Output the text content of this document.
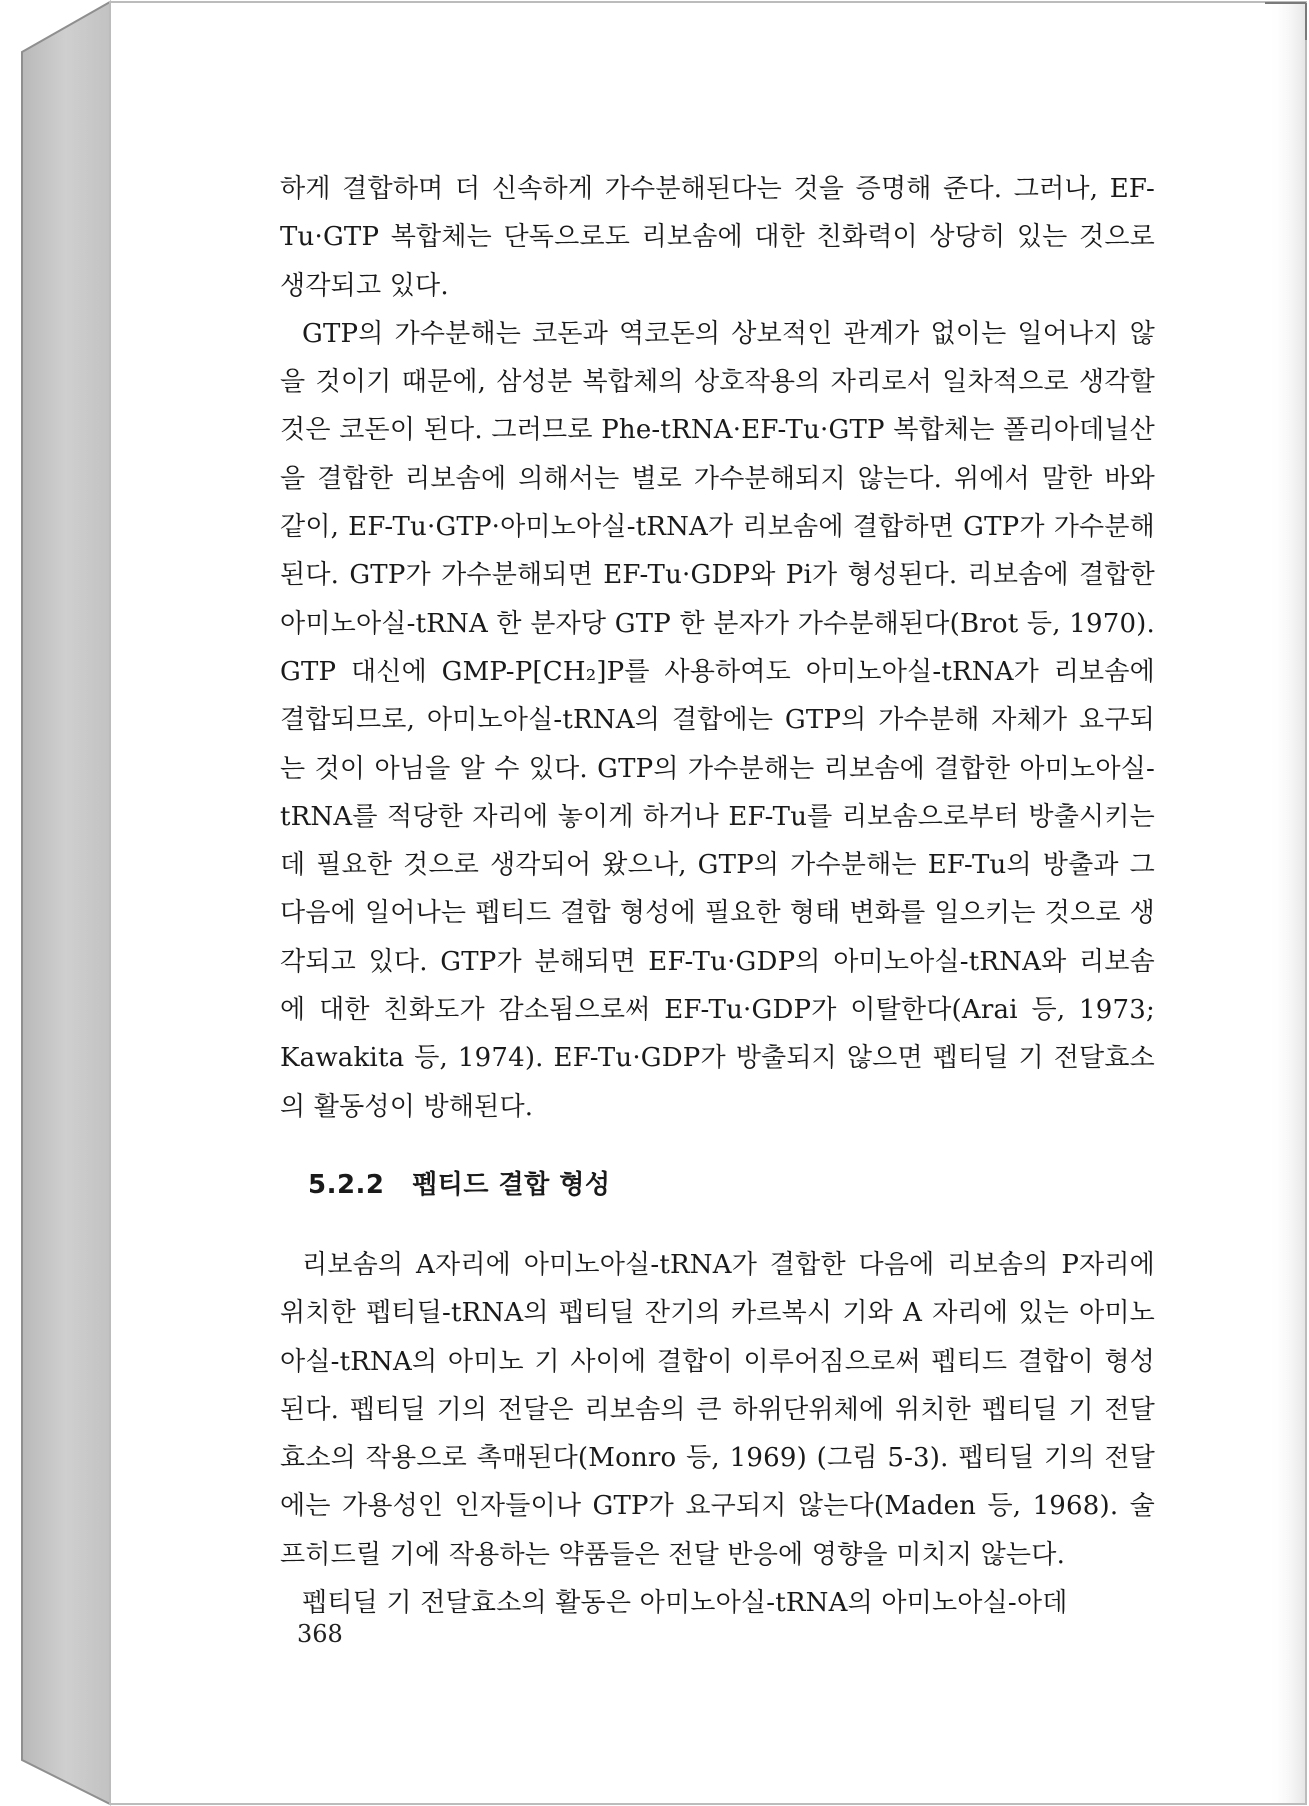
하게 결합하며 더 신속하게 가수분해된다는 것을 증명해 준다. 그러나, EF-Tu·GTP 복합체는 단독으로도 리보솜에 대한 친화력이 상당히 있는 것으로 생각되고 있다.

GTP의 가수분해는 코돈과 역코돈의 상보적인 관계가 없이는 일어나지 않을 것이기 때문에, 삼성분 복합체의 상호작용의 자리로서 일차적으로 생각할 것은 코돈이 된다. 그러므로 Phe-tRNA·EF-Tu·GTP 복합체는 폴리아데닐산을 결합한 리보솜에 의해서는 별로 가수분해되지 않는다. 위에서 말한 바와 같이, EF-Tu·GTP·아미노아실-tRNA가 리보솜에 결합하면 GTP가 가수분해된다. GTP가 가수분해되면 EF-Tu·GDP와 Pi가 형성된다. 리보솜에 결합한 아미노아실-tRNA 한 분자당 GTP 한 분자가 가수분해된다(Brot 등, 1970). GTP 대신에 GMP-P[CH₂]P를 사용하여도 아미노아실-tRNA가 리보솜에 결합되므로, 아미노아실-tRNA의 결합에는 GTP의 가수분해 자체가 요구되는 것이 아님을 알 수 있다. GTP의 가수분해는 리보솜에 결합한 아미노아실-tRNA를 적당한 자리에 놓이게 하거나 EF-Tu를 리보솜으로부터 방출시키는데 필요한 것으로 생각되어 왔으나, GTP의 가수분해는 EF-Tu의 방출과 그 다음에 일어나는 펩티드 결합 형성에 필요한 형태 변화를 일으키는 것으로 생각되고 있다. GTP가 분해되면 EF-Tu·GDP의 아미노아실-tRNA와 리보솜에 대한 친화도가 감소됨으로써 EF-Tu·GDP가 이탈한다(Arai 등, 1973; Kawakita 등, 1974). EF-Tu·GDP가 방출되지 않으면 펩티딜 기 전달효소의 활동성이 방해된다.

5.2.2 펩티드 결합 형성

리보솜의 A자리에 아미노아실-tRNA가 결합한 다음에 리보솜의 P자리에 위치한 펩티딜-tRNA의 펩티딜 잔기의 카르복시 기와 A 자리에 있는 아미노아실-tRNA의 아미노 기 사이에 결합이 이루어짐으로써 펩티드 결합이 형성된다. 펩티딜 기의 전달은 리보솜의 큰 하위단위체에 위치한 펩티딜 기 전달효소의 작용으로 촉매된다(Monro 등, 1969) (그림 5-3). 펩티딜 기의 전달에는 가용성인 인자들이나 GTP가 요구되지 않는다(Maden 등, 1968). 술프히드릴 기에 작용하는 약품들은 전달 반응에 영향을 미치지 않는다.

펩티딜 기 전달효소의 활동은 아미노아실-tRNA의 아미노아실-아데

368
